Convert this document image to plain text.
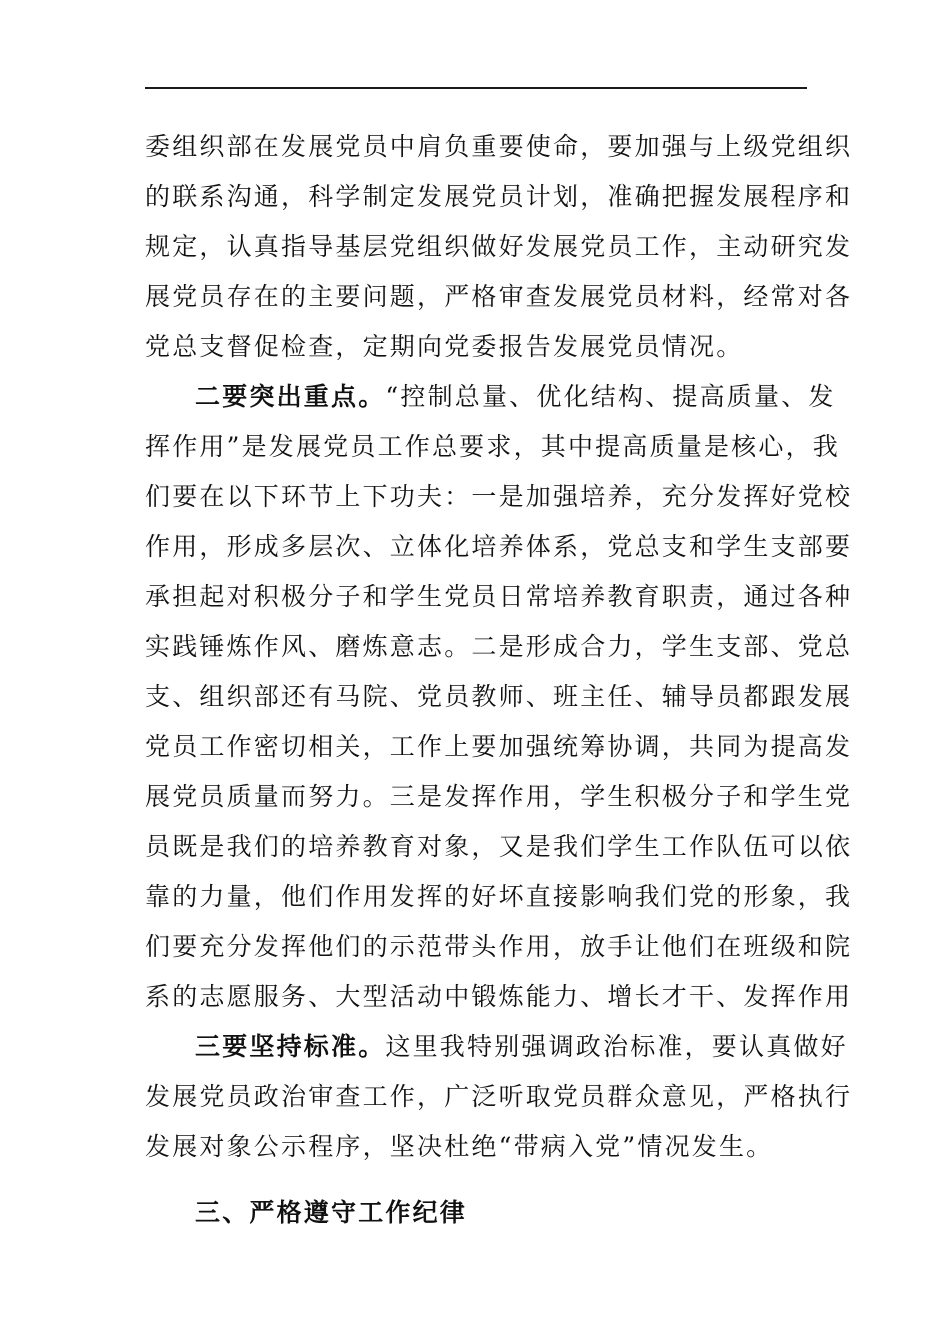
委组织部在发展党员中肩负重要使命，要加强与上级党组织
的联系沟通，科学制定发展党员计划，准确把握发展程序和
规定，认真指导基层党组织做好发展党员工作，主动研究发
展党员存在的主要问题，严格审查发展党员材料，经常对各
党总支督促检查，定期向党委报告发展党员情况。
二要突出重点。“控制总量、优化结构、提高质量、发
挥作用”是发展党员工作总要求，其中提高质量是核心，我
们要在以下环节上下功夫：一是加强培养，充分发挥好党校
作用，形成多层次、立体化培养体系，党总支和学生支部要
承担起对积极分子和学生党员日常培养教育职责，通过各种
实践锤炼作风、磨炼意志。二是形成合力，学生支部、党总
支、组织部还有马院、党员教师、班主任、辅导员都跟发展
党员工作密切相关，工作上要加强统筹协调，共同为提高发
展党员质量而努力。三是发挥作用，学生积极分子和学生党
员既是我们的培养教育对象，又是我们学生工作队伍可以依
靠的力量，他们作用发挥的好坏直接影响我们党的形象，我
们要充分发挥他们的示范带头作用，放手让他们在班级和院
系的志愿服务、大型活动中锻炼能力、增长才干、发挥作用
三要坚持标准。这里我特别强调政治标准，要认真做好
发展党员政治审查工作，广泛听取党员群众意见，严格执行
发展对象公示程序，坚决杜绝“带病入党”情况发生。
三、严格遵守工作纪律
